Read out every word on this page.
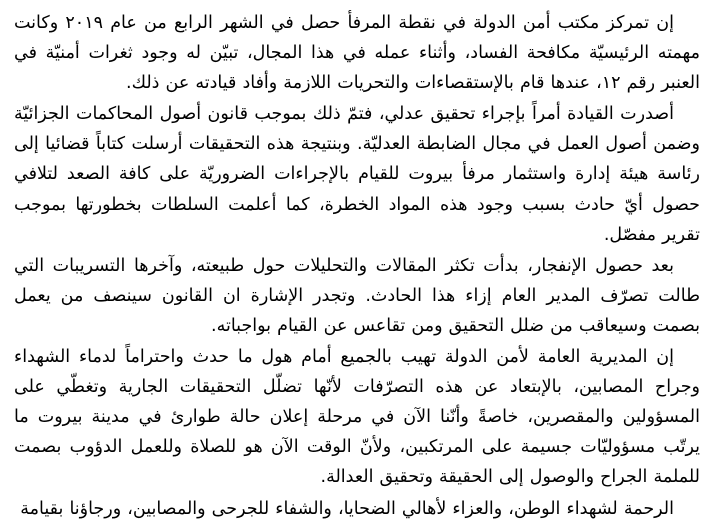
إن تمركز مكتب أمن الدولة في نقطة المرفأ حصل في الشهر الرابع من عام ٢٠١٩ وكانت مهمته الرئيسيّة مكافحة الفساد، وأثناء عمله في هذا المجال، تبيّن له وجود ثغرات أمنيّة في العنبر رقم ١٢، عندها قام بالإستقصاءات والتحريات اللازمة وأفاد قيادته عن ذلك.

أصدرت القيادة أمراً بإجراء تحقيق عدلي، فتمّ ذلك بموجب قانون أصول المحاكمات الجزائيّة وضمن أصول العمل في مجال الضابطة العدليّة. وبنتيجة هذه التحقيقات أرسلت كتاباً قضائيا إلى رئاسة هيئة إدارة واستثمار مرفأ بيروت للقيام بالإجراءات الضروريّة على كافة الصعد لتلافي حصول أيّ حادث بسبب وجود هذه المواد الخطرة، كما أعلمت السلطات بخطورتها بموجب تقرير مفصّل.

بعد حصول الإنفجار، بدأت تكثر المقالات والتحليلات حول طبيعته، وآخرها التسريبات التي طالت تصرّف المدير العام إزاء هذا الحادث. وتجدر الإشارة ان القانون سينصف من يعمل بصمت وسيعاقب من ضلل التحقيق ومن تقاعس عن القيام بواجباته.

إن المديرية العامة لأمن الدولة تهيب بالجميع أمام هول ما حدث واحتراماً لدماء الشهداء وجراح المصابين، بالإبتعاد عن هذه التصرّفات لأنّها تضلّل التحقيقات الجارية وتغطّي على المسؤولين والمقصرين، خاصةً وأنّنا الآن في مرحلة إعلان حالة طوارئ في مدينة بيروت ما يرتّب مسؤوليّات جسيمة على المرتكبين، ولأنّ الوقت الآن هو للصلاة وللعمل الدؤوب بصمت للملمة الجراح والوصول إلى الحقيقة وتحقيق العدالة.

الرحمة لشهداء الوطن، والعزاء لأهالي الضحايا، والشفاء للجرحى والمصابين، ورجاؤنا بقيامة
